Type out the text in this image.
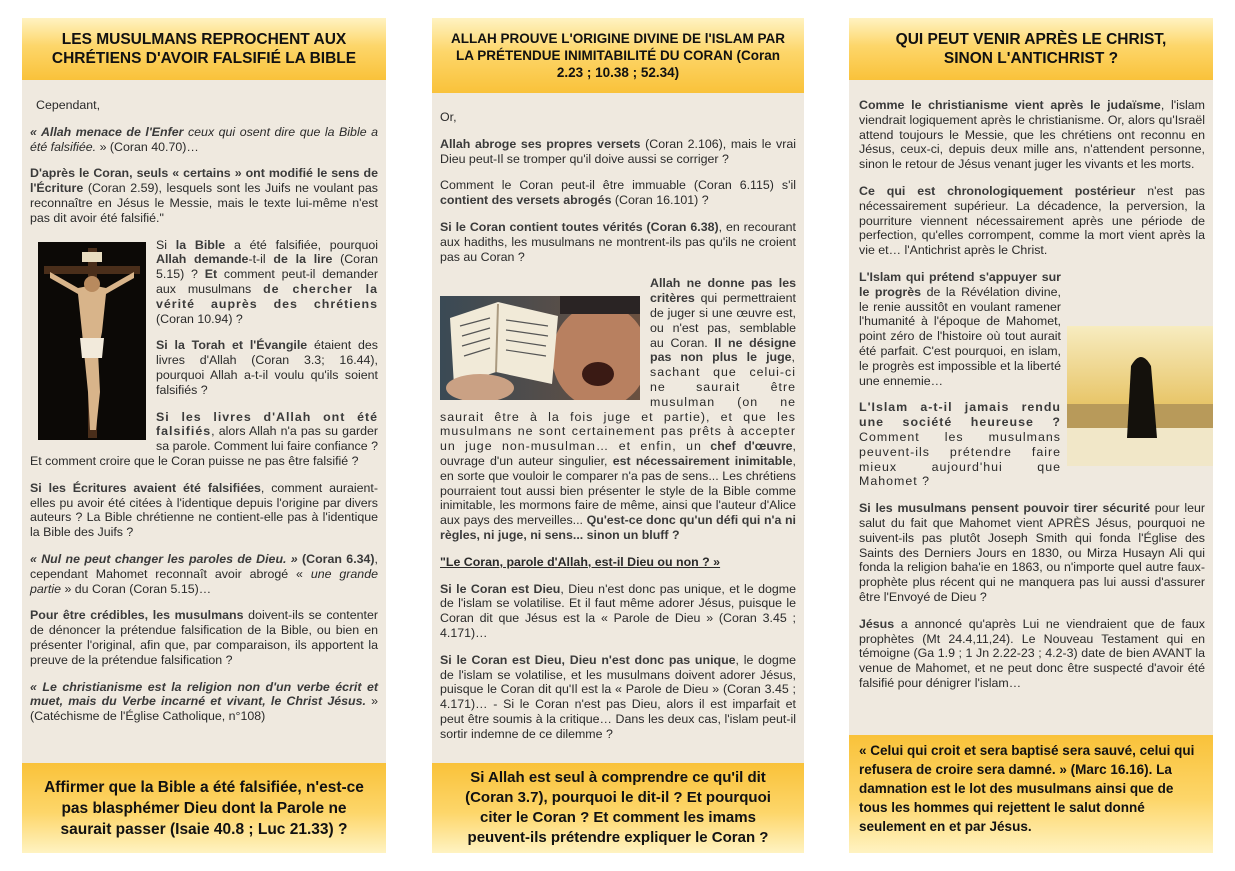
LES MUSULMANS REPROCHENT AUX CHRÉTIENS D'AVOIR FALSIFIÉ LA BIBLE

Cependant,

« Allah menace de l'Enfer ceux qui osent dire que la Bible a été falsifiée. » (Coran 40.70)…

D'après le Coran, seuls « certains » ont modifié le sens de l'Écriture (Coran 2.59), lesquels sont les Juifs ne voulant pas reconnaître en Jésus le Messie, mais le texte lui-même n'est pas dit avoir été falsifié."

Si la Bible a été falsifiée, pourquoi Allah demande-t-il de la lire (Coran 5.15) ? Et comment peut-il demander aux musulmans de chercher la vérité auprès des chrétiens (Coran 10.94) ?

Si la Torah et l'Évangile étaient des livres d'Allah (Coran 3.3; 16.44), pourquoi Allah a-t-il voulu qu'ils soient falsifiés ?

Si les livres d'Allah ont été falsifiés, alors Allah n'a pas su garder sa parole. Comment lui faire confiance ? Et comment croire que le Coran puisse ne pas être falsifié ?

Si les Écritures avaient été falsifiées, comment auraient-elles pu avoir été citées à l'identique depuis l'origine par divers auteurs ? La Bible chrétienne ne contient-elle pas à l'identique la Bible des Juifs ?

« Nul ne peut changer les paroles de Dieu. » (Coran 6.34), cependant Mahomet reconnaît avoir abrogé « une grande partie » du Coran (Coran 5.15)…

Pour être crédibles, les musulmans doivent-ils se contenter de dénoncer la prétendue falsification de la Bible, ou bien en présenter l'original, afin que, par comparaison, ils apportent la preuve de la prétendue falsification ?

« Le christianisme est la religion non d'un verbe écrit et muet, mais du Verbe incarné et vivant, le Christ Jésus. » (Catéchisme de l'Église Catholique, n°108)

Affirmer que la Bible a été falsifiée, n'est-ce pas blasphémer Dieu dont la Parole ne saurait passer (Isaie 40.8 ; Luc 21.33) ?
ALLAH PROUVE L'ORIGINE DIVINE DE l'ISLAM PAR LA PRÉTENDUE INIMITABILITÉ DU CORAN (Coran 2.23 ; 10.38 ; 52.34)

Or,

Allah abroge ses propres versets (Coran 2.106), mais le vrai Dieu peut-Il se tromper qu'il doive aussi se corriger ?

Comment le Coran peut-il être immuable (Coran 6.115) s'il contient des versets abrogés (Coran 16.101) ?

Si le Coran contient toutes vérités (Coran 6.38), en recourant aux hadiths, les musulmans ne montrent-ils pas qu'ils ne croient pas au Coran ?

Allah ne donne pas les critères qui permettraient de juger si une œuvre est, ou n'est pas, semblable au Coran. Il ne désigne pas non plus le juge, sachant que celui-ci ne saurait être musulman (on ne saurait être à la fois juge et partie), et que les musulmans ne sont certainement pas prêts à accepter un juge non-musulman… et enfin, un chef d'œuvre, ouvrage d'un auteur singulier, est nécessairement inimitable, en sorte que vouloir le comparer n'a pas de sens... Les chrétiens pourraient tout aussi bien présenter le style de la Bible comme inimitable, les mormons faire de même, ainsi que l'auteur d'Alice aux pays des merveilles... Qu'est-ce donc qu'un défi qui n'a ni règles, ni juge, ni sens... sinon un bluff ?

"Le Coran, parole d'Allah, est-il Dieu ou non ? »

Si le Coran est Dieu, Dieu n'est donc pas unique, et le dogme de l'islam se volatilise. Et il faut même adorer Jésus, puisque le Coran dit que Jésus est la « Parole de Dieu » (Coran 3.45 ; 4.171)…

Si le Coran est Dieu, Dieu n'est donc pas unique, le dogme de l'islam se volatilise, et les musulmans doivent adorer Jésus, puisque le Coran dit qu'Il est la « Parole de Dieu » (Coran 3.45 ; 4.171)… - Si le Coran n'est pas Dieu, alors il est imparfait et peut être soumis à la critique… Dans les deux cas, l'islam peut-il sortir indemne de ce dilemme ?

Si Allah est seul à comprendre ce qu'il dit (Coran 3.7), pourquoi le dit-il ? Et pourquoi citer le Coran ? Et comment les imams peuvent-ils prétendre expliquer le Coran ?
QUI PEUT VENIR APRÈS LE CHRIST, SINON L'ANTICHRIST ?

Comme le christianisme vient après le judaïsme, l'islam viendrait logiquement après le christianisme. Or, alors qu'Israël attend toujours le Messie, que les chrétiens ont reconnu en Jésus, ceux-ci, depuis deux mille ans, n'attendent personne, sinon le retour de Jésus venant juger les vivants et les morts.

Ce qui est chronologiquement postérieur n'est pas nécessairement supérieur. La décadence, la perversion, la pourriture viennent nécessairement après une période de perfection, qu'elles corrompent, comme la mort vient après la vie et… l'Antichrist après le Christ.

L'Islam qui prétend s'appuyer sur le progrès de la Révélation divine, le renie aussitôt en voulant ramener l'humanité à l'époque de Mahomet, point zéro de l'histoire où tout aurait été parfait. C'est pourquoi, en islam, le progrès est impossible et la liberté une ennemie…

L'Islam a-t-il jamais rendu une société heureuse ? Comment les musulmans peuvent-ils prétendre faire mieux aujourd'hui que Mahomet ?

Si les musulmans pensent pouvoir tirer sécurité pour leur salut du fait que Mahomet vient APRÈS Jésus, pourquoi ne suivent-ils pas plutôt Joseph Smith qui fonda l'Église des Saints des Derniers Jours en 1830, ou Mirza Husayn Ali qui fonda la religion baha'ie en 1863, ou n'importe quel autre faux-prophète plus récent qui ne manquera pas lui aussi d'assurer être l'Envoyé de Dieu ?

Jésus a annoncé qu'après Lui ne viendraient que de faux prophètes (Mt 24.4,11,24). Le Nouveau Testament qui en témoigne (Ga 1.9 ; 1 Jn 2.22-23 ; 4.2-3) date de bien AVANT la venue de Mahomet, et ne peut donc être suspecté d'avoir été falsifié pour dénigrer l'islam…

« Celui qui croit et sera baptisé sera sauvé, celui qui refusera de croire sera damné. » (Marc 16.16). La damnation est le lot des musulmans ainsi que de tous les hommes qui rejettent le salut donné seulement en et par Jésus.
